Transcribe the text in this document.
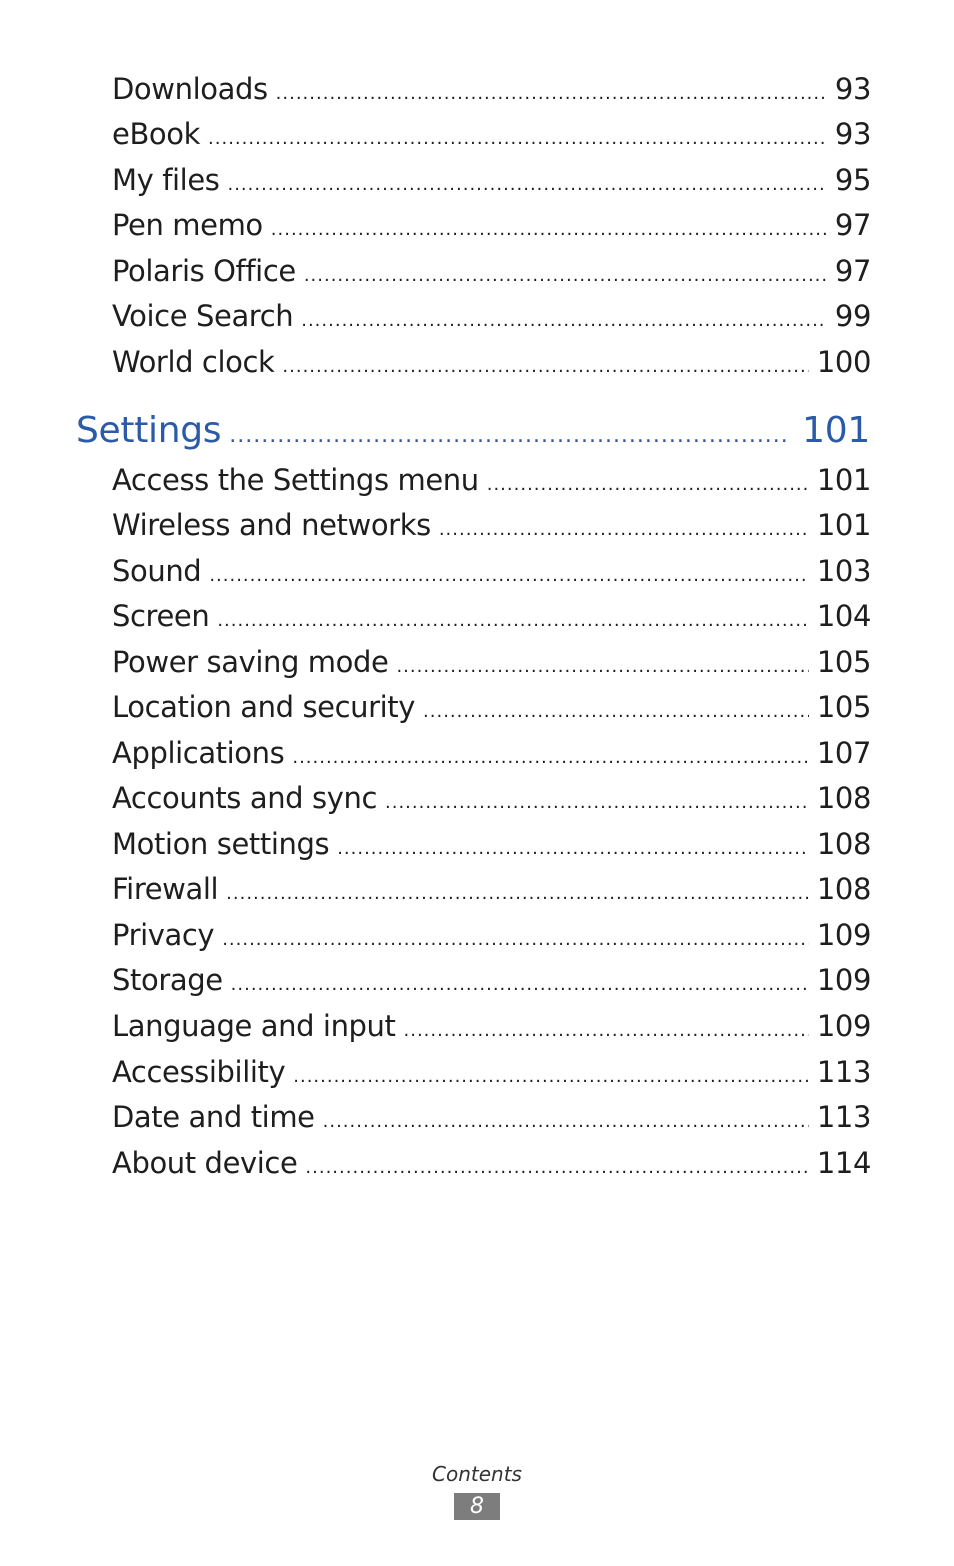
Downloads .....	93
eBook .....	93
My files .....	95
Pen memo .....	97
Polaris Office .....	97
Voice Search .....	99
World clock .....	100
Settings .....	101
Access the Settings menu .....	101
Wireless and networks .....	101
Sound .....	103
Screen .....	104
Power saving mode .....	105
Location and security .....	105
Applications .....	107
Accounts and sync .....	108
Motion settings .....	108
Firewall .....	108
Privacy .....	109
Storage .....	109
Language and input .....	109
Accessibility .....	113
Date and time .....	113
About device .....	114
Contents
8
